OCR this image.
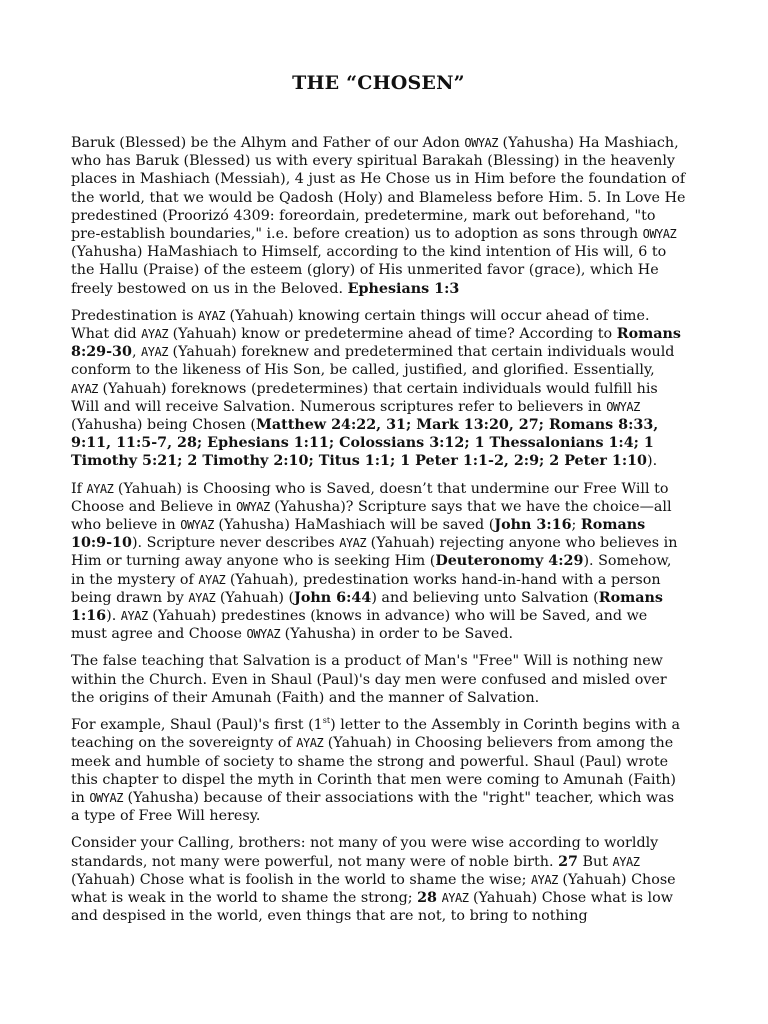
THE “CHOSEN”

Baruk (Blessed) be the Alhym and Father of our Adon OWYAZ (Yahusha) Ha Mashiach, who has Baruk (Blessed) us with every spiritual Barakah (Blessing) in the heavenly places in Mashiach (Messiah), 4 just as He Chose us in Him before the foundation of the world, that we would be Qadosh (Holy) and Blameless before Him. 5. In Love He predestined (Proorizó 4309: foreordain, predetermine, mark out beforehand, "to pre-establish boundaries," i.e. before creation) us to adoption as sons through OWYAZ (Yahusha) HaMashiach to Himself, according to the kind intention of His will, 6 to the Hallu (Praise) of the esteem (glory) of His unmerited favor (grace), which He freely bestowed on us in the Beloved. Ephesians 1:3

Predestination is AYAZ (Yahuah) knowing certain things will occur ahead of time. What did AYAZ (Yahuah) know or predetermine ahead of time? According to Romans 8:29-30, AYAZ (Yahuah) foreknew and predetermined that certain individuals would conform to the likeness of His Son, be called, justified, and glorified. Essentially, AYAZ (Yahuah) foreknows (predetermines) that certain individuals would fulfill his Will and will receive Salvation. Numerous scriptures refer to believers in OWYAZ (Yahusha) being Chosen (Matthew 24:22, 31; Mark 13:20, 27; Romans 8:33, 9:11, 11:5-7, 28; Ephesians 1:11; Colossians 3:12; 1 Thessalonians 1:4; 1 Timothy 5:21; 2 Timothy 2:10; Titus 1:1; 1 Peter 1:1-2, 2:9; 2 Peter 1:10).

If AYAZ (Yahuah) is Choosing who is Saved, doesn’t that undermine our Free Will to Choose and Believe in OWYAZ (Yahusha)? Scripture says that we have the choice—all who believe in OWYAZ (Yahusha) HaMashiach will be saved (John 3:16; Romans 10:9-10). Scripture never describes AYAZ (Yahuah) rejecting anyone who believes in Him or turning away anyone who is seeking Him (Deuteronomy 4:29). Somehow, in the mystery of AYAZ (Yahuah), predestination works hand-in-hand with a person being drawn by AYAZ (Yahuah) (John 6:44) and believing unto Salvation (Romans 1:16). AYAZ (Yahuah) predestines (knows in advance) who will be Saved, and we must agree and Choose OWYAZ (Yahusha) in order to be Saved.

The false teaching that Salvation is a product of Man's "Free" Will is nothing new within the Church. Even in Shaul (Paul)'s day men were confused and misled over the origins of their Amunah (Faith) and the manner of Salvation.

For example, Shaul (Paul)'s first (1st) letter to the Assembly in Corinth begins with a teaching on the sovereignty of AYAZ (Yahuah) in Choosing believers from among the meek and humble of society to shame the strong and powerful. Shaul (Paul) wrote this chapter to dispel the myth in Corinth that men were coming to Amunah (Faith) in OWYAZ (Yahusha) because of their associations with the "right" teacher, which was a type of Free Will heresy.

Consider your Calling, brothers: not many of you were wise according to worldly standards, not many were powerful, not many were of noble birth. 27 But AYAZ (Yahuah) Chose what is foolish in the world to shame the wise; AYAZ (Yahuah) Chose what is weak in the world to shame the strong; 28 AYAZ (Yahuah) Chose what is low and despised in the world, even things that are not, to bring to nothing
